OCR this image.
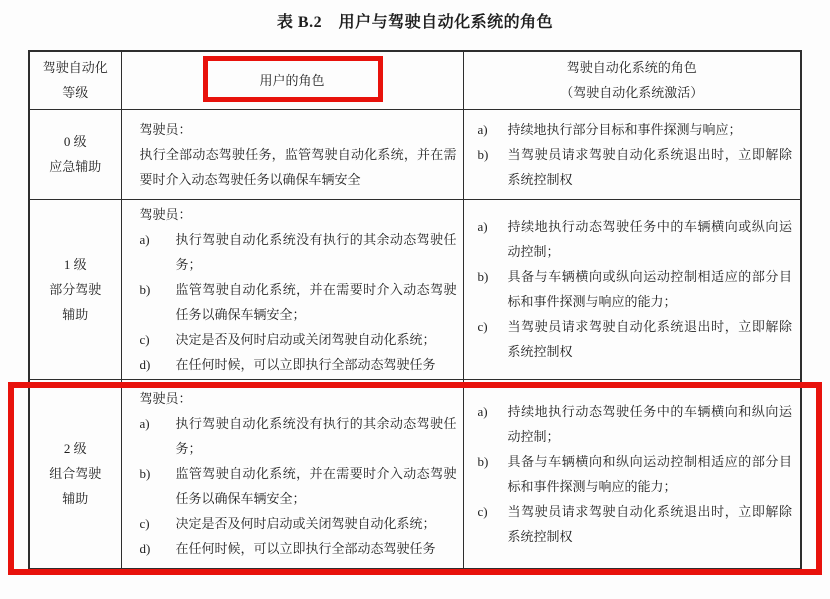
表 B.2　用户与驾驶自动化系统的角色
驾驶自动化
等级

用户的角色

驾驶自动化系统的角色
（驾驶自动化系统激活）

0 级
应急辅助

驾驶员：
执行全部动态驾驶任务，监管驾驶自动化系统，并在需要时介入动态驾驶任务以确保车辆安全

a)	持续地执行部分目标和事件探测与响应；
b)	当驾驶员请求驾驶自动化系统退出时，立即解除系统控制权

1 级
部分驾驶
辅助

驾驶员：
a)	执行驾驶自动化系统没有执行的其余动态驾驶任务；
b)	监管驾驶自动化系统，并在需要时介入动态驾驶任务以确保车辆安全；
c)	决定是否及何时启动或关闭驾驶自动化系统；
d)	在任何时候，可以立即执行全部动态驾驶任务

a)	持续地执行动态驾驶任务中的车辆横向或纵向运动控制；
b)	具备与车辆横向或纵向运动控制相适应的部分目标和事件探测与响应的能力；
c)	当驾驶员请求驾驶自动化系统退出时，立即解除系统控制权

2 级
组合驾驶
辅助

驾驶员：
a)	执行驾驶自动化系统没有执行的其余动态驾驶任务；
b)	监管驾驶自动化系统，并在需要时介入动态驾驶任务以确保车辆安全；
c)	决定是否及何时启动或关闭驾驶自动化系统；
d)	在任何时候，可以立即执行全部动态驾驶任务

a)	持续地执行动态驾驶任务中的车辆横向和纵向运动控制；
b)	具备与车辆横向和纵向运动控制相适应的部分目标和事件探测与响应的能力；
c)	当驾驶员请求驾驶自动化系统退出时，立即解除系统控制权
